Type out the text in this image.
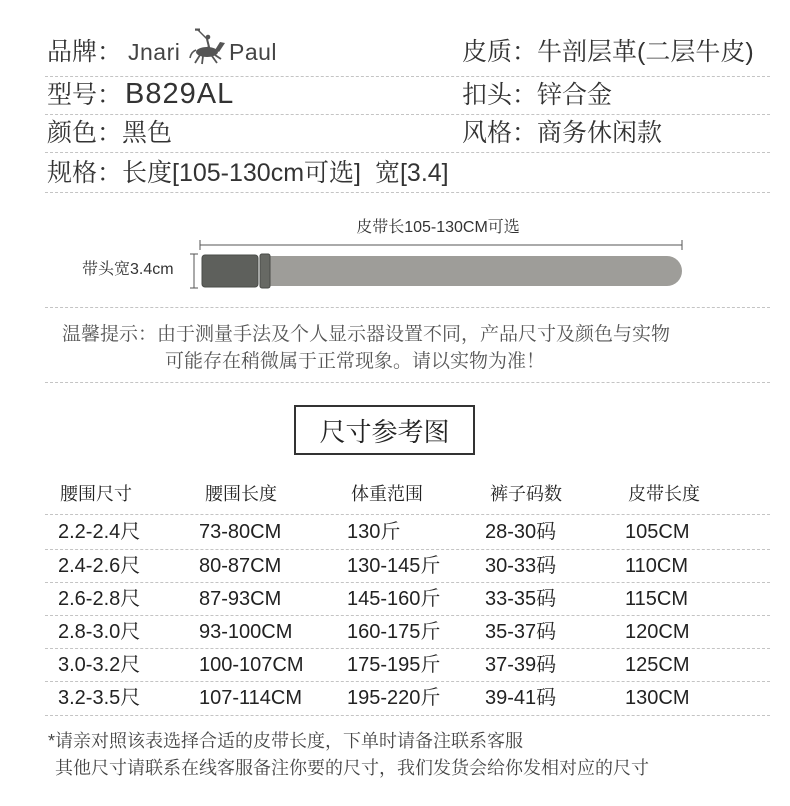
品牌： Jnari Paul	皮质：牛剖层革(二层牛皮)
型号： B829AL	扣头：锌合金
颜色：黑色	风格：商务休闲款
规格：长度[105-130cm可选] 宽[3.4]
皮带长105-130CM可选
带头宽3.4cm
温馨提示：由于测量手法及个人显示器设置不同，产品尺寸及颜色与实物
可能存在稍微属于正常现象。请以实物为准！
尺寸参考图
腰围尺寸	腰围长度	体重范围	裤子码数	皮带长度
2.2-2.4尺	73-80CM	130斤	28-30码	105CM
2.4-2.6尺	80-87CM	130-145斤 30-33码	110CM
2.6-2.8尺	87-93CM	145-160斤 33-35码	115CM
2.8-3.0尺	93-100CM	160-175斤 35-37码	120CM
3.0-3.2尺	100-107CM 175-195斤 37-39码	125CM
3.2-3.5尺	107-114CM 195-220斤 39-41码	130CM
*请亲对照该表选择合适的皮带长度，下单时请备注联系客服
其他尺寸请联系在线客服备注你要的尺寸，我们发货会给你发相对应的尺寸
